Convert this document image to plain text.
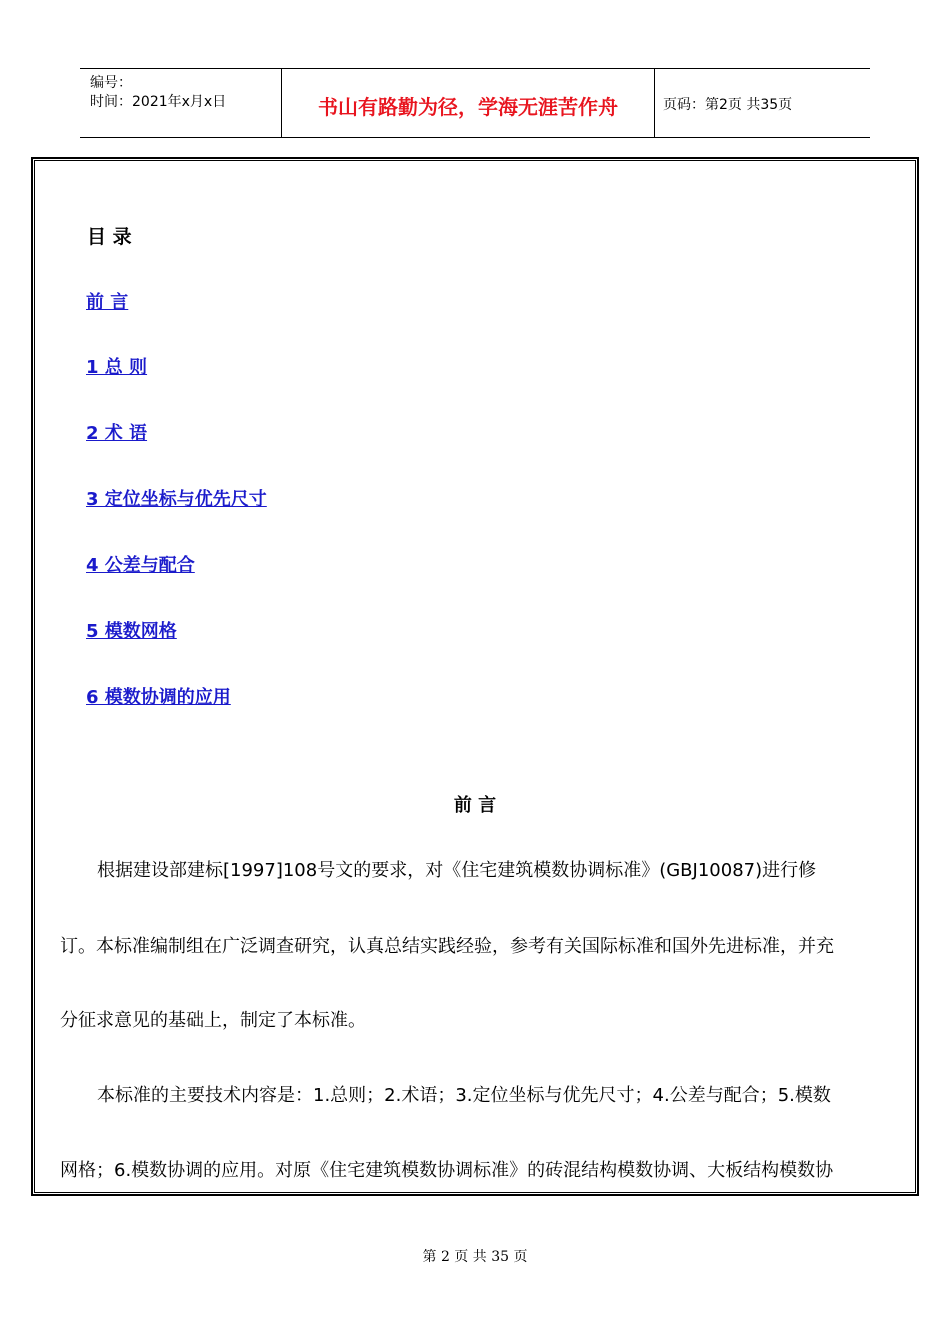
编号：
时间：2021年x月x日	书山有路勤为径，学海无涯苦作舟	页码：第2页 共35页
目 录
前 言
1 总 则
2 术 语
3 定位坐标与优先尺寸
4 公差与配合
5 模数网格
6 模数协调的应用
前 言
根据建设部建标[1997]108号文的要求，对《住宅建筑模数协调标准》(GBJ10087)进行修
订。本标准编制组在广泛调查研究，认真总结实践经验，参考有关国际标准和国外先进标准，并充
分征求意见的基础上，制定了本标准。
本标准的主要技术内容是：1.总则；2.术语；3.定位坐标与优先尺寸；4.公差与配合；5.模数
网格；6.模数协调的应用。对原《住宅建筑模数协调标准》的砖混结构模数协调、大板结构模数协
第 2 页 共 35 页
